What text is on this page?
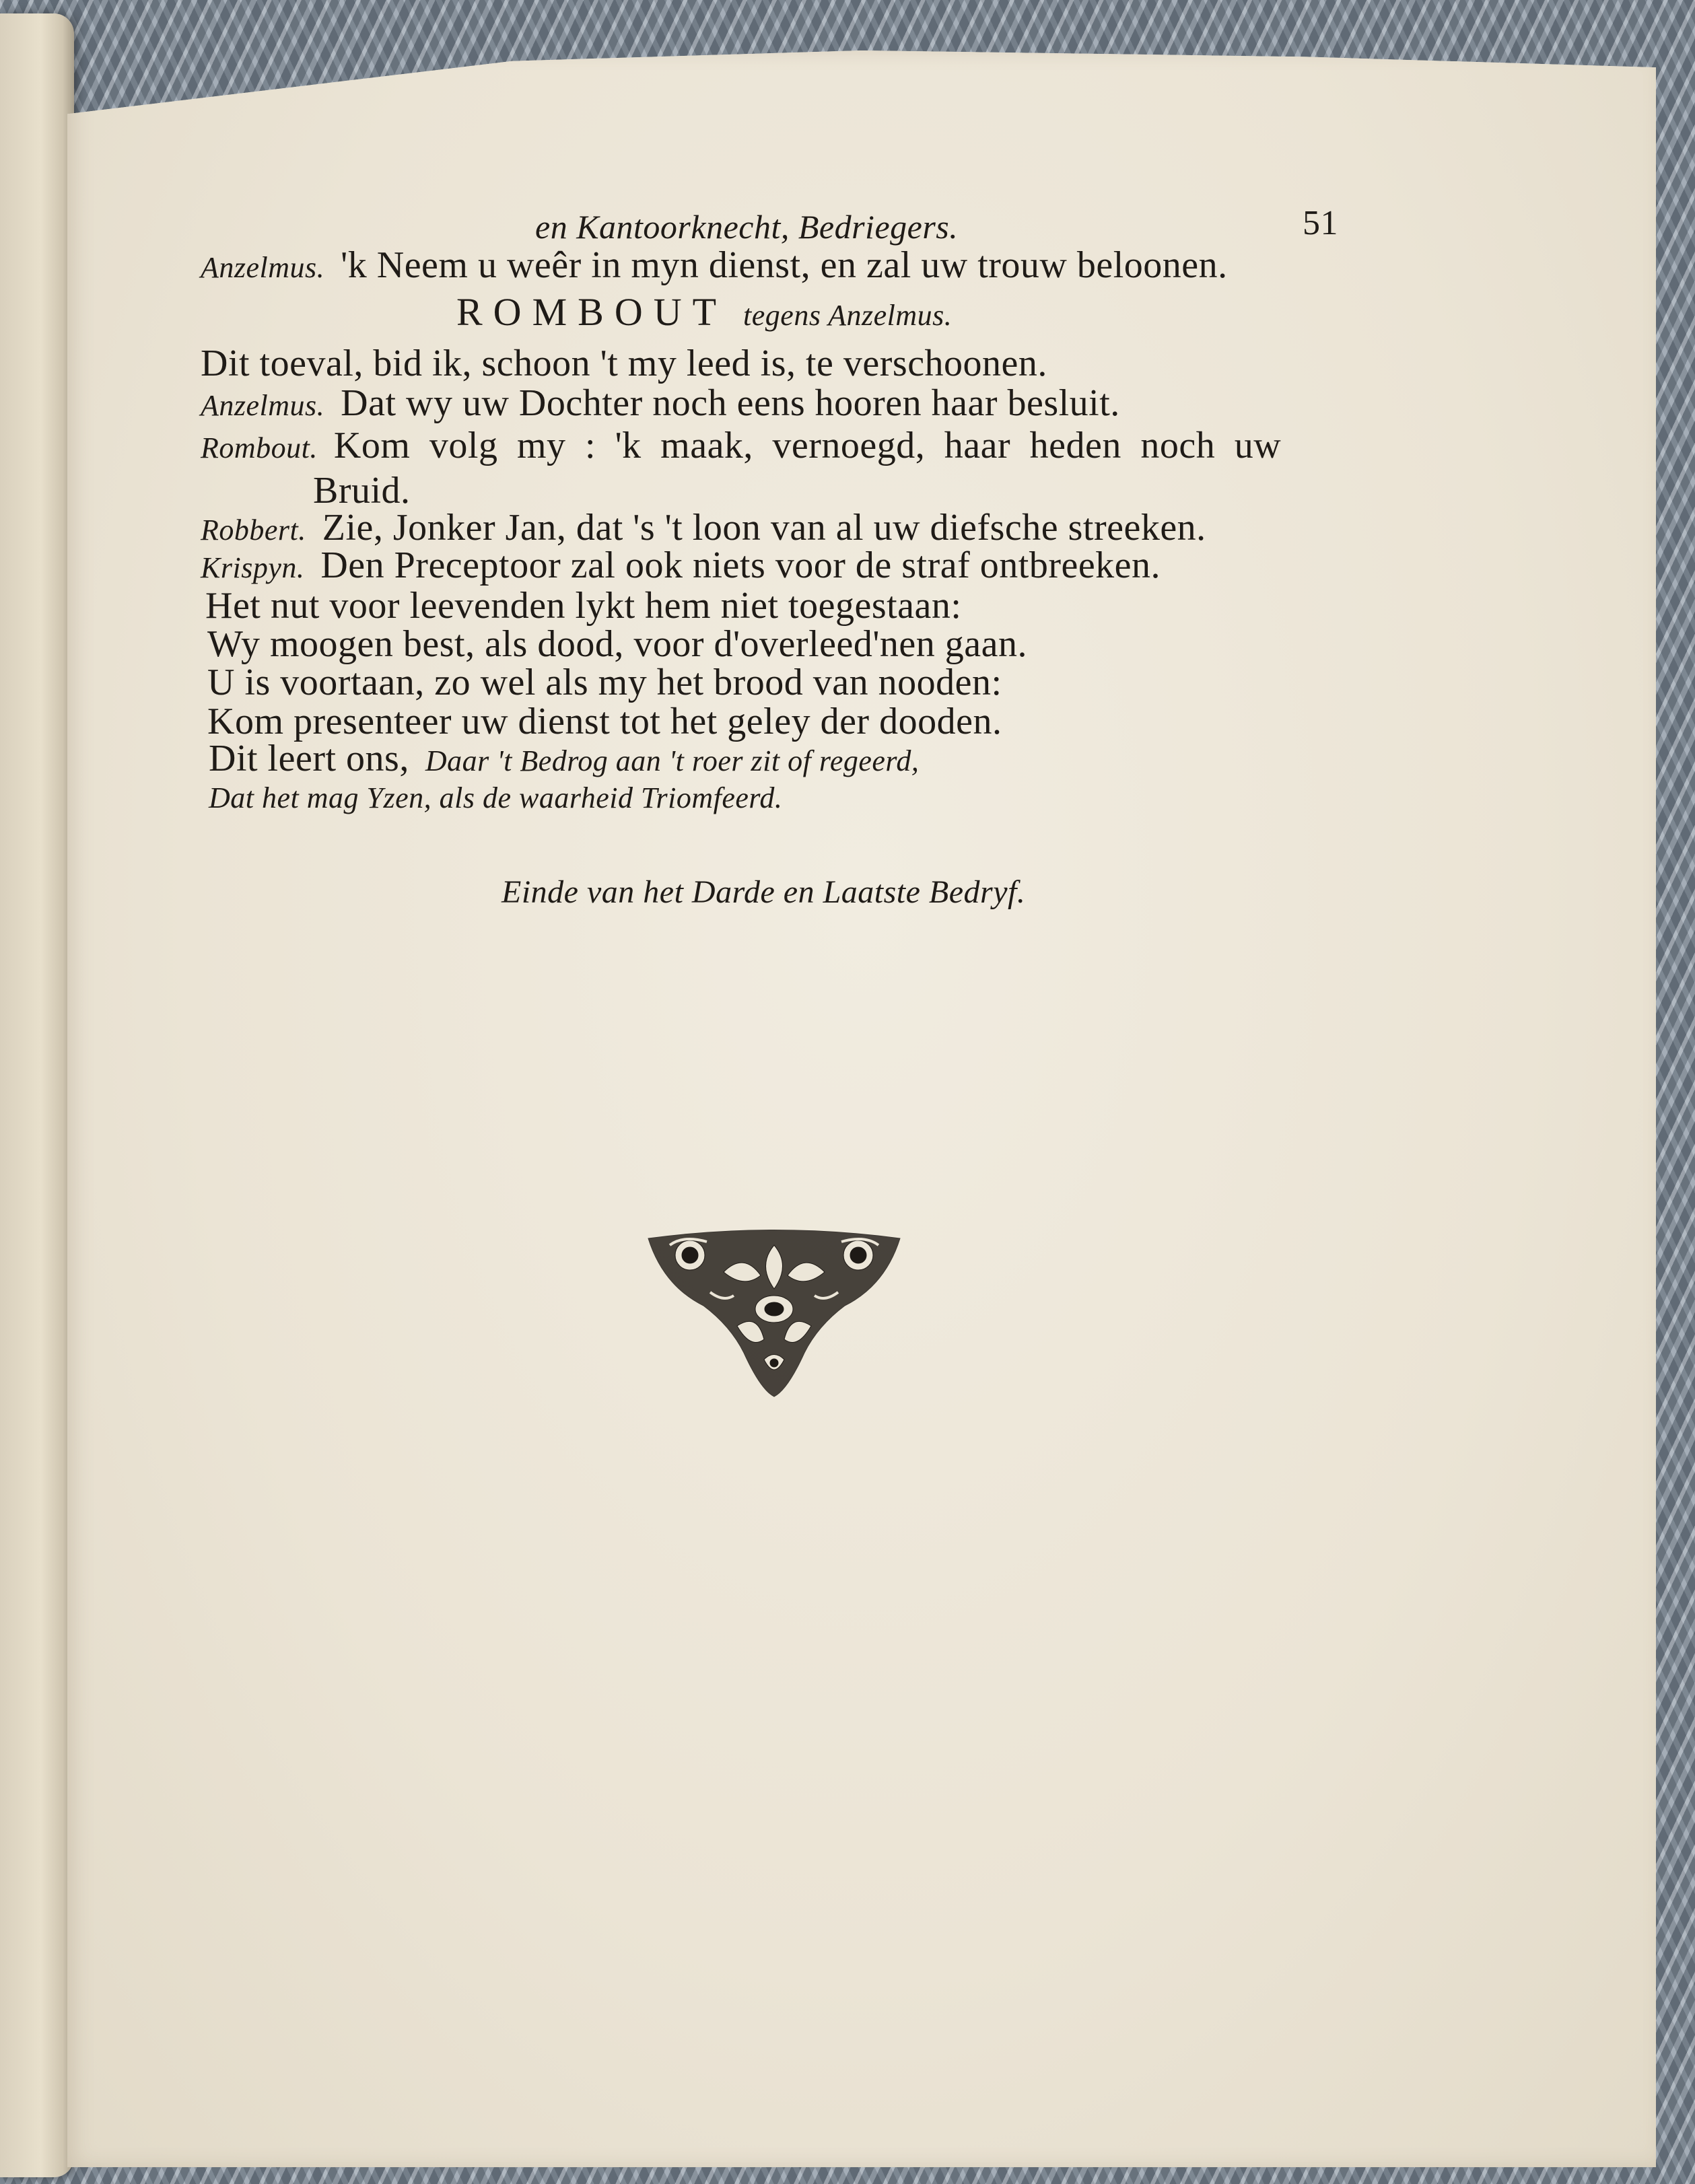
en Kantoorknecht, Bedriegers.	51
Anzelmus. 'k Neem u weêr in myn dienst, en zal uw trouw beloonen.
ROMBOUT tegens Anzelmus.
Dit toeval, bid ik, schoon 't my leed is, te verschoonen.
Anzelmus. Dat wy uw Dochter noch eens hooren haar besluit.
Rombout. Kom volg my : 'k maak, vernoegd, haar heden noch uw
Bruid.
Robbert. Zie, Jonker Jan, dat 's 't loon van al uw diefsche streeken.
Krispyn. Den Preceptoor zal ook niets voor de straf ontbreeken.
Het nut voor leevenden lykt hem niet toegestaan:
Wy moogen best, als dood, voor d'overleed'nen gaan.
U is voortaan, zo wel als my het brood van nooden:
Kom presenteer uw dienst tot het geley der dooden.
Dit leert ons, Daar 't Bedrog aan 't roer zit of regeerd,
Dat het mag Yzen, als de waarheid Triomfeerd.
Einde van het Darde en Laatste Bedryf.
